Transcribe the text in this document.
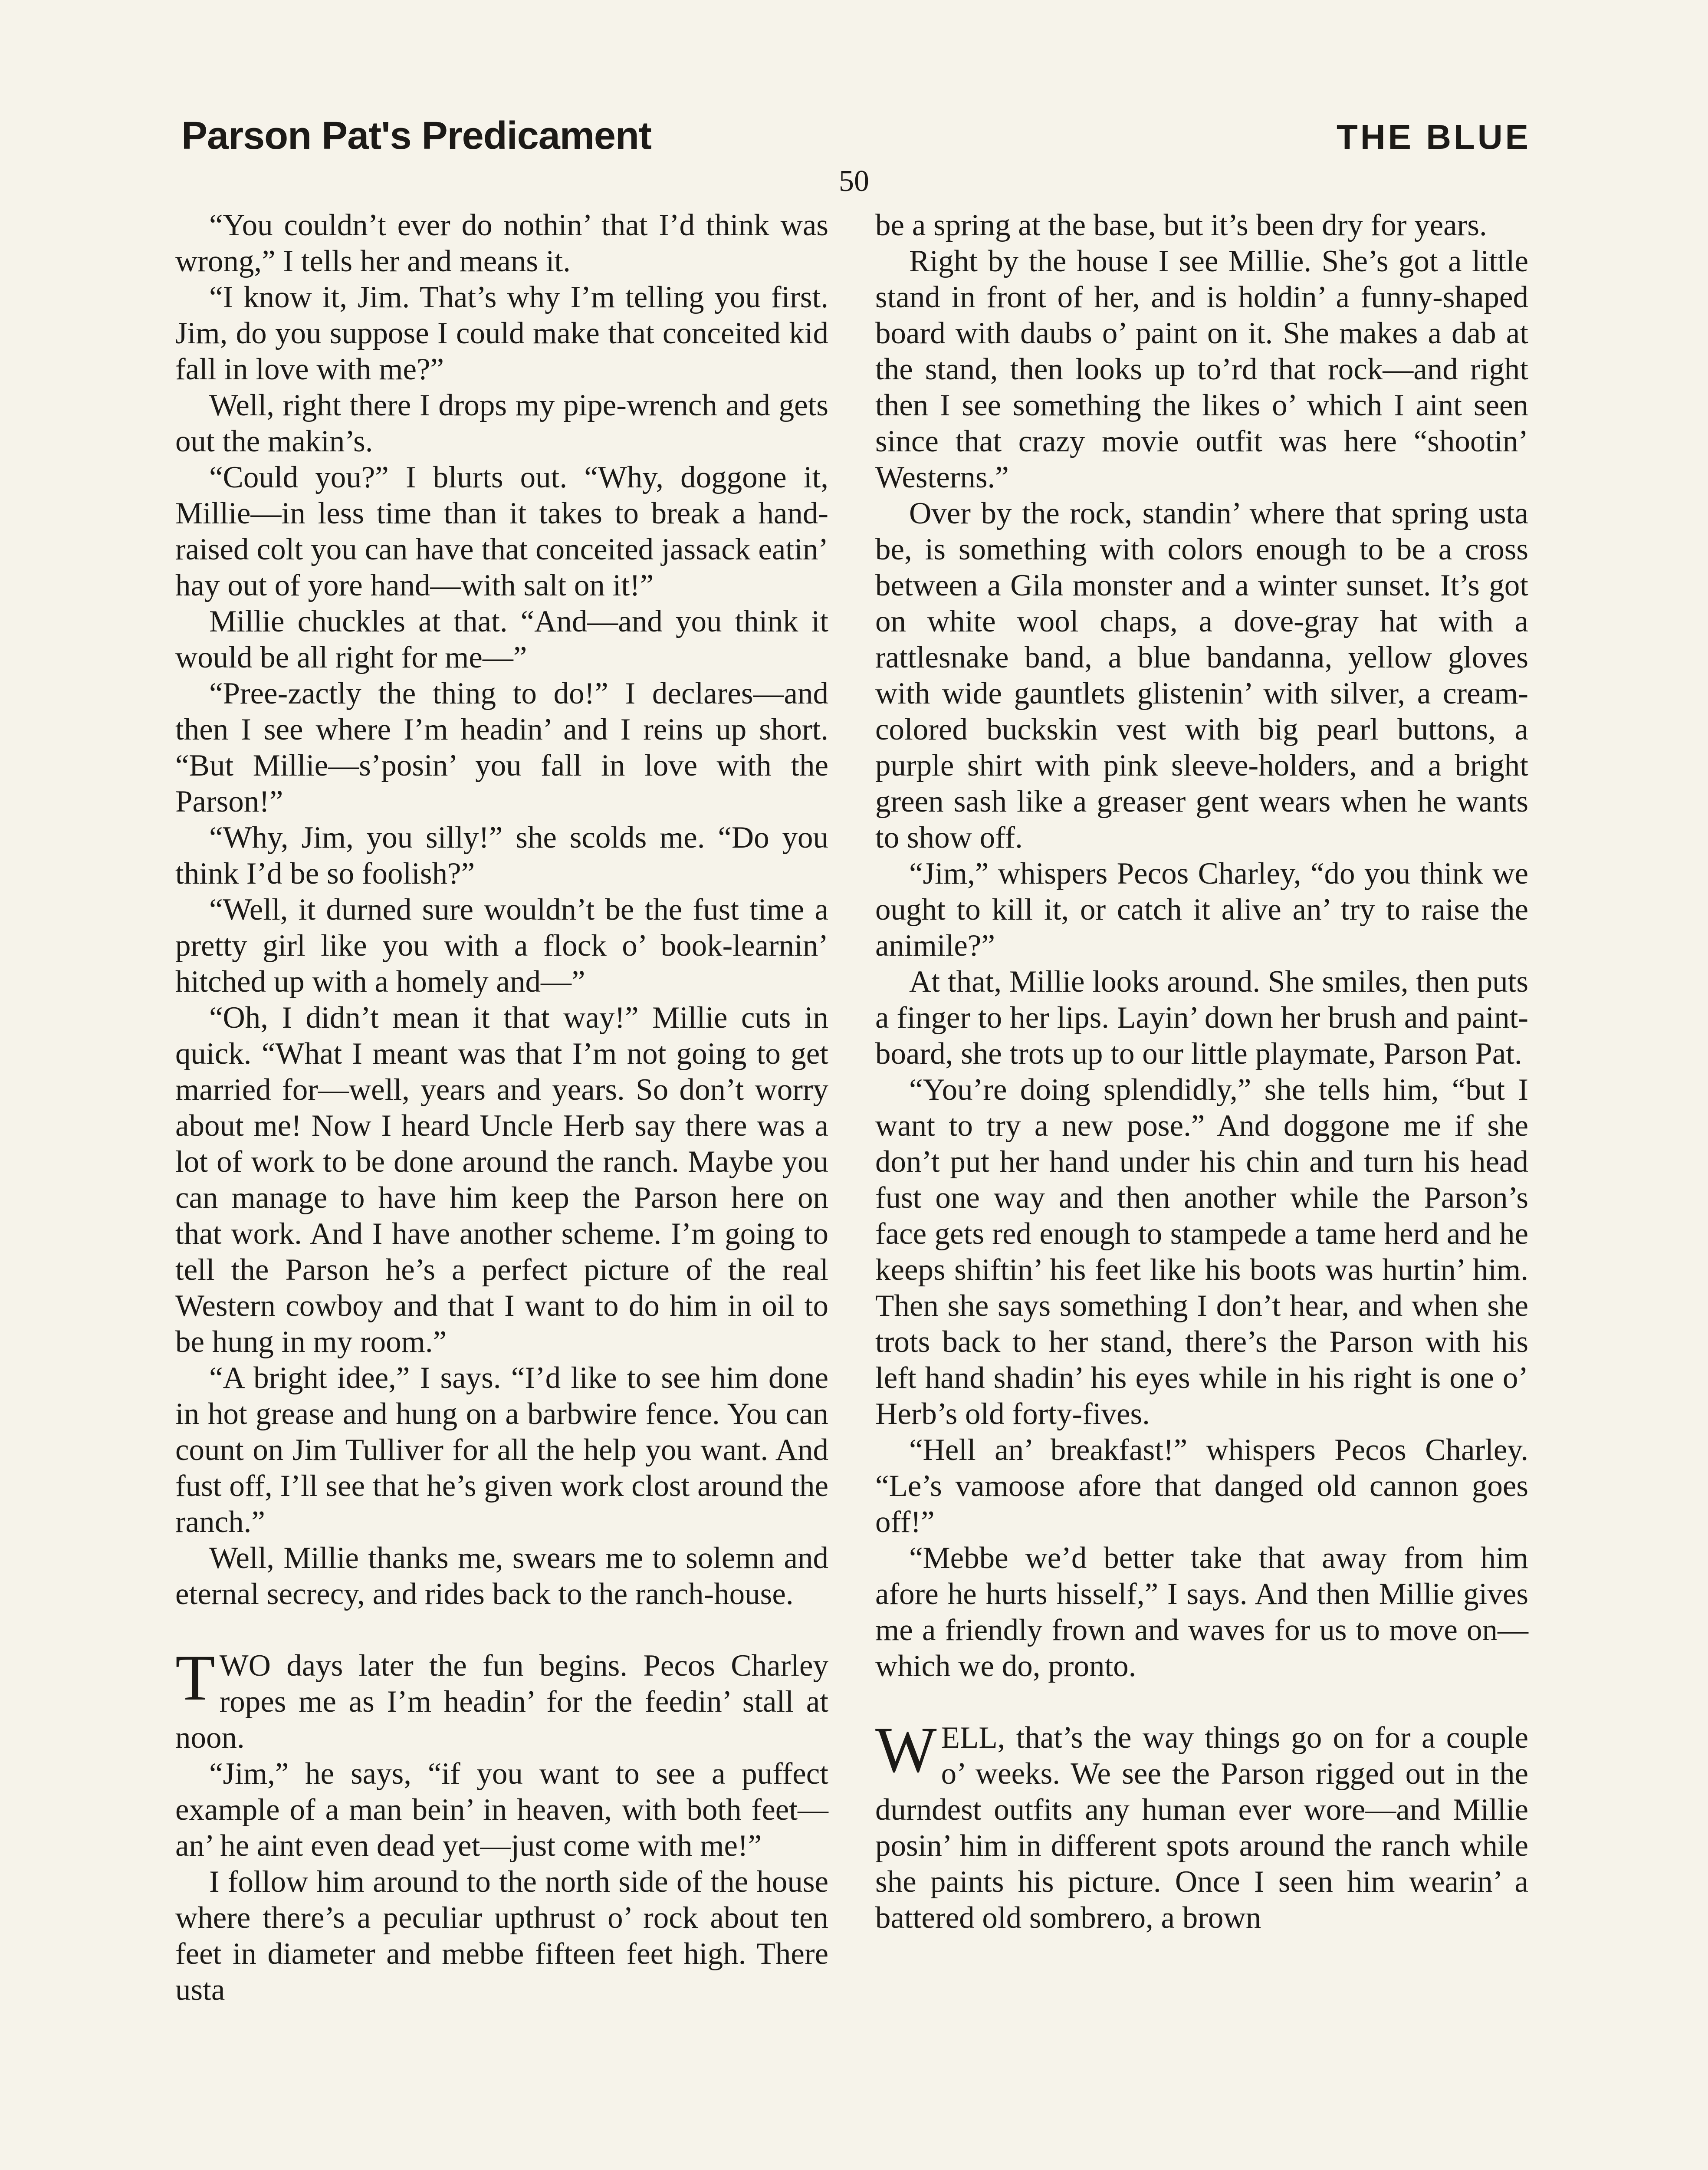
Parson Pat's Predicament	THE BLUE
50

“You couldn’t ever do nothin’ that I’d think was wrong,” I tells her and means it.

“I know it, Jim. That’s why I’m telling you first. Jim, do you suppose I could make that conceited kid fall in love with me?”

Well, right there I drops my pipe-wrench and gets out the makin’s.

“Could you?” I blurts out. “Why, doggone it, Millie—in less time than it takes to break a hand-raised colt you can have that conceited jassack eatin’ hay out of yore hand—with salt on it!”

Millie chuckles at that. “And—and you think it would be all right for me—”

“Pree-zactly the thing to do!” I declares—and then I see where I’m headin’ and I reins up short. “But Millie—s’posin’ you fall in love with the Parson!”

“Why, Jim, you silly!” she scolds me. “Do you think I’d be so foolish?”

“Well, it durned sure wouldn’t be the fust time a pretty girl like you with a flock o’ book-learnin’ hitched up with a homely and—”

“Oh, I didn’t mean it that way!” Millie cuts in quick. “What I meant was that I’m not going to get married for—well, years and years. So don’t worry about me! Now I heard Uncle Herb say there was a lot of work to be done around the ranch. Maybe you can manage to have him keep the Parson here on that work. And I have another scheme. I’m going to tell the Parson he’s a perfect picture of the real Western cowboy and that I want to do him in oil to be hung in my room.”

“A bright idee,” I says. “I’d like to see him done in hot grease and hung on a barbwire fence. You can count on Jim Tulliver for all the help you want. And fust off, I’ll see that he’s given work clost around the ranch.”

Well, Millie thanks me, swears me to solemn and eternal secrecy, and rides back to the ranch-house.

TWO days later the fun begins. Pecos Charley ropes me as I’m headin’ for the feedin’ stall at noon.

“Jim,” he says, “if you want to see a puffect example of a man bein’ in heaven, with both feet—an’ he aint even dead yet—just come with me!”

I follow him around to the north side of the house where there’s a peculiar upthrust o’ rock about ten feet in diameter and mebbe fifteen feet high. There usta

be a spring at the base, but it’s been dry for years.

Right by the house I see Millie. She’s got a little stand in front of her, and is holdin’ a funny-shaped board with daubs o’ paint on it. She makes a dab at the stand, then looks up to’rd that rock—and right then I see something the likes o’ which I aint seen since that crazy movie outfit was here “shootin’ Westerns.”

Over by the rock, standin’ where that spring usta be, is something with colors enough to be a cross between a Gila monster and a winter sunset. It’s got on white wool chaps, a dove-gray hat with a rattlesnake band, a blue bandanna, yellow gloves with wide gauntlets glistenin’ with silver, a cream-colored buckskin vest with big pearl buttons, a purple shirt with pink sleeve-holders, and a bright green sash like a greaser gent wears when he wants to show off.

“Jim,” whispers Pecos Charley, “do you think we ought to kill it, or catch it alive an’ try to raise the animile?”

At that, Millie looks around. She smiles, then puts a finger to her lips. Layin’ down her brush and paint-board, she trots up to our little playmate, Parson Pat.

“You’re doing splendidly,” she tells him, “but I want to try a new pose.” And doggone me if she don’t put her hand under his chin and turn his head fust one way and then another while the Parson’s face gets red enough to stampede a tame herd and he keeps shiftin’ his feet like his boots was hurtin’ him. Then she says something I don’t hear, and when she trots back to her stand, there’s the Parson with his left hand shadin’ his eyes while in his right is one o’ Herb’s old forty-fives.

“Hell an’ breakfast!” whispers Pecos Charley. “Le’s vamoose afore that danged old cannon goes off!”

“Mebbe we’d better take that away from him afore he hurts hisself,” I says. And then Millie gives me a friendly frown and waves for us to move on—which we do, pronto.

WELL, that’s the way things go on for a couple o’ weeks. We see the Parson rigged out in the durndest outfits any human ever wore—and Millie posin’ him in different spots around the ranch while she paints his picture. Once I seen him wearin’ a battered old sombrero, a brown
